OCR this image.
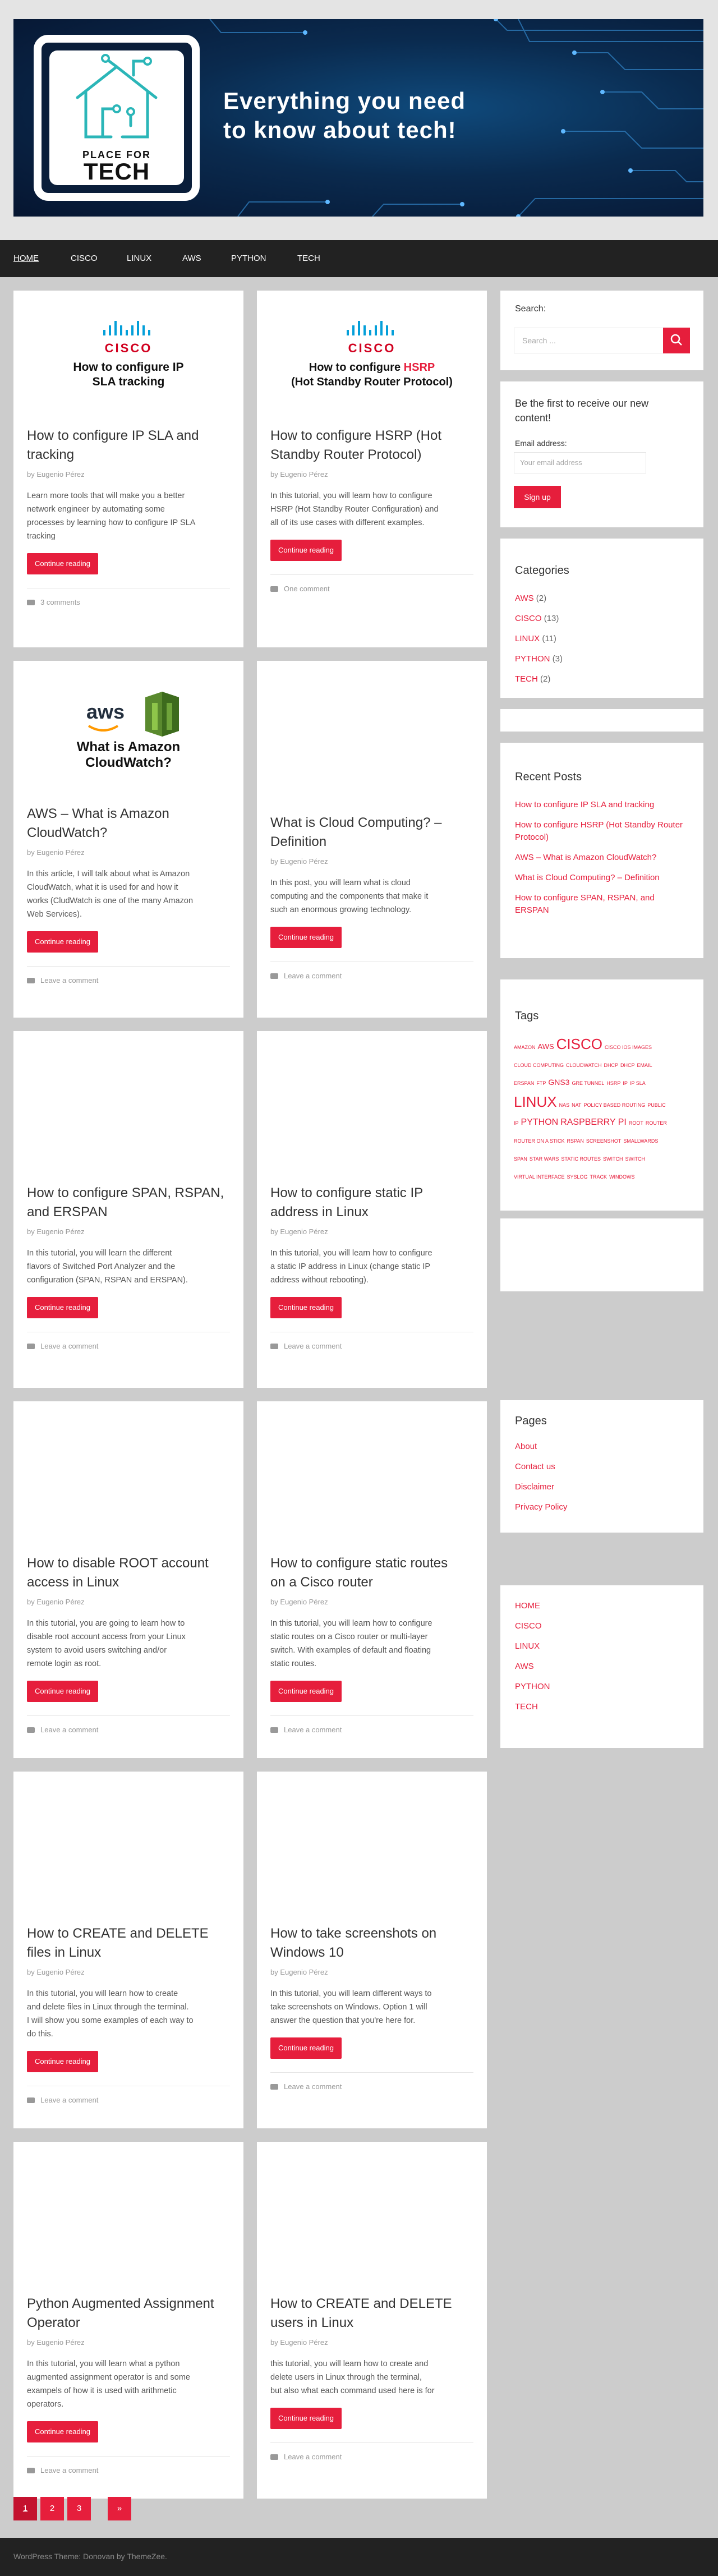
PLACE FOR
TECH
Everything you need
to know about tech!
HOME	CISCO	LINUX	AWS	PYTHON	TECH
CISCO
How to configure IP
SLA tracking
How to configure IP SLA and
tracking
by Eugenio Pérez
Learn more tools that will make you a better
network engineer by automating some
processes by learning how to configure IP SLA
tracking
Continue reading
3 comments
CISCO
How to configure HSRP
(Hot Standby Router Protocol)
How to configure HSRP (Hot
Standby Router Protocol)
by Eugenio Pérez
In this tutorial, you will learn how to configure
HSRP (Hot Standby Router Configuration) and
all of its use cases with different examples.
Continue reading
One comment
aws
What is Amazon
CloudWatch?
AWS – What is Amazon
CloudWatch?
by Eugenio Pérez
In this article, I will talk about what is Amazon
CloudWatch, what it is used for and how it
works (CludWatch is one of the many Amazon
Web Services).
Continue reading
Leave a comment
What is Cloud Computing? –
Definition
by Eugenio Pérez
In this post, you will learn what is cloud
computing and the components that make it
such an enormous growing technology.
Continue reading
Leave a comment
How to configure SPAN, RSPAN,
and ERSPAN
by Eugenio Pérez
In this tutorial, you will learn the different
flavors of Switched Port Analyzer and the
configuration (SPAN, RSPAN and ERSPAN).
Continue reading
Leave a comment
How to configure static IP
address in Linux
by Eugenio Pérez
In this tutorial, you will learn how to configure
a static IP address in Linux (change static IP
address without rebooting).
Continue reading
Leave a comment
How to disable ROOT account
access in Linux
by Eugenio Pérez
In this tutorial, you are going to learn how to
disable root account access from your Linux
system to avoid users switching and/or
remote login as root.
Continue reading
Leave a comment
How to configure static routes
on a Cisco router
by Eugenio Pérez
In this tutorial, you will learn how to configure
static routes on a Cisco router or multi-layer
switch. With examples of default and floating
static routes.
Continue reading
Leave a comment
How to CREATE and DELETE
files in Linux
by Eugenio Pérez
In this tutorial, you will learn how to create
and delete files in Linux through the terminal.
I will show you some examples of each way to
do this.
Continue reading
Leave a comment
How to take screenshots on
Windows 10
by Eugenio Pérez
In this tutorial, you will learn different ways to
take screenshots on Windows. Option 1 will
answer the question that you're here for.
Continue reading
Leave a comment
Python Augmented Assignment
Operator
by Eugenio Pérez
In this tutorial, you will learn what a python
augmented assignment operator is and some
exampels of how it is used with arithmetic
operators.
Continue reading
Leave a comment
How to CREATE and DELETE
users in Linux
by Eugenio Pérez
this tutorial, you will learn how to create and
delete users in Linux through the terminal,
but also what each command used here is for
Continue reading
Leave a comment
Search:
Search ...
Be the first to receive our new
content!
Email address:
Your email address
Sign up
Categories
AWS (2)
CISCO (13)
LINUX (11)
PYTHON (3)
TECH (2)
Recent Posts
How to configure IP SLA and tracking
How to configure HSRP (Hot Standby Router
Protocol)
AWS – What is Amazon CloudWatch?
What is Cloud Computing? – Definition
How to configure SPAN, RSPAN, and
ERSPAN
Tags
AMAZON AWS CISCO CISCO IOS IMAGES
CLOUD COMPUTING CLOUDWATCH DHCP DHCP EMAIL
ERSPAN FTP GNS3 GRE TUNNEL HSRP IP IP SLA
LINUX NAS NAT POLICY BASED ROUTING PUBLIC
IP PYTHON RASPBERRY PI ROOT ROUTER
ROUTER ON A STICK RSPAN SCREENSHOT SMALLWARDS
SPAN STAR WARS STATIC ROUTES SWITCH SWITCH
VIRTUAL INTERFACE SYSLOG TRACK WINDOWS
Pages
About
Contact us
Disclaimer
Privacy Policy
HOME
CISCO
LINUX
AWS
PYTHON
TECH
1	2	3	»
WordPress Theme: Donovan by ThemeZee.
